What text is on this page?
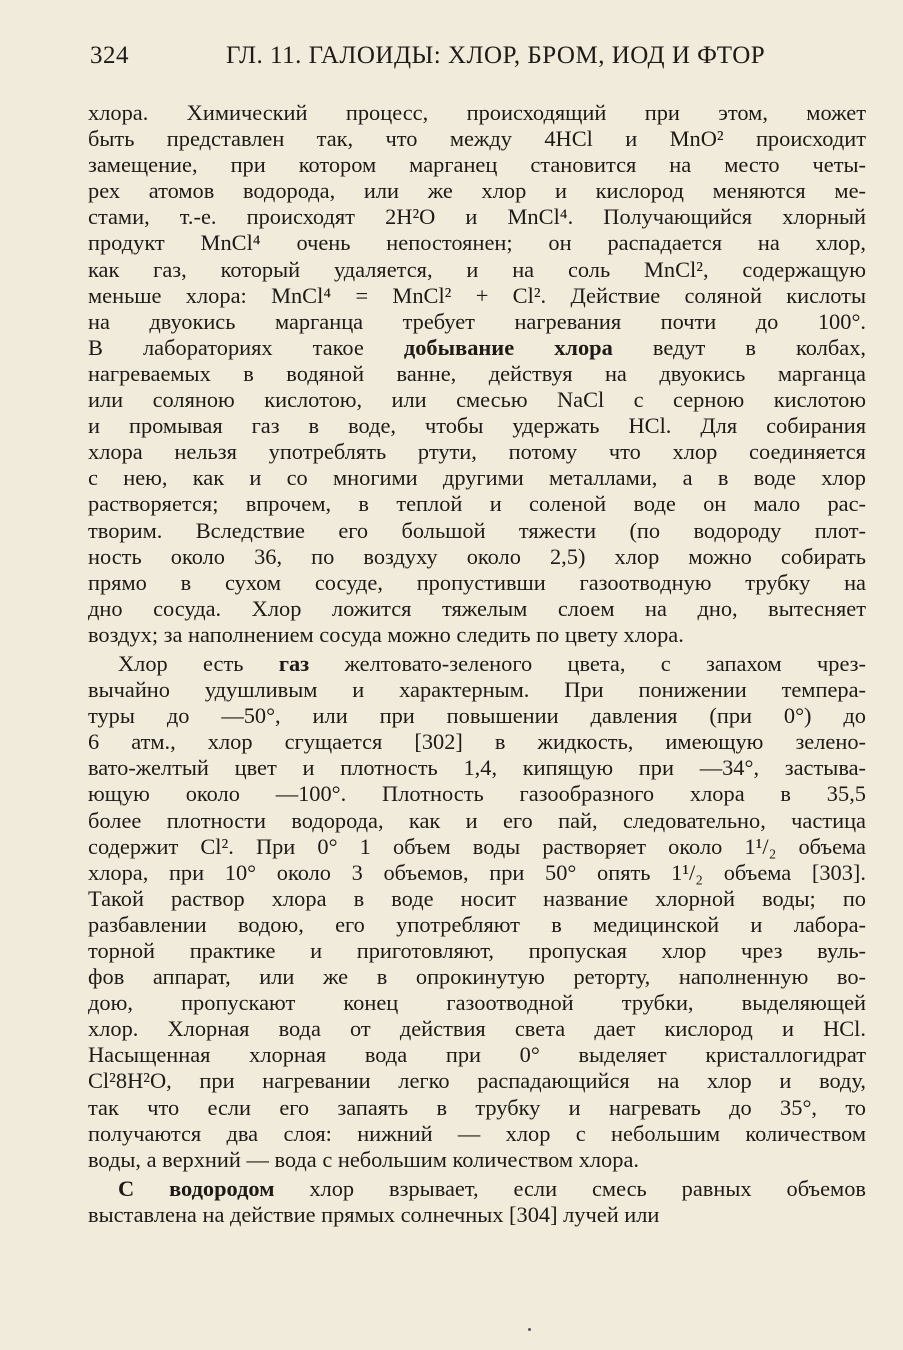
324	ГЛ. 11. ГАЛОИДЫ: ХЛОР, БРОМ, ИОД И ФТОР
хлора. Химический процесс, происходящий при этом, может
быть представлен так, что между 4HCl и MnO² происходит
замещение, при котором марганец становится на место четы-
рех атомов водорода, или же хлор и кислород меняются ме-
стами, т.-е. происходят 2H²O и MnCl⁴. Получающийся хлорный
продукт MnCl⁴ очень непостоянен; он распадается на хлор,
как газ, который удаляется, и на соль MnCl², содержащую
меньше хлора: MnCl⁴ = MnCl² + Cl². Действие соляной кислоты
на двуокись марганца требует нагревания почти до 100°.
В лабораториях такое добывание хлора ведут в колбах,
нагреваемых в водяной ванне, действуя на двуокись марганца
или соляною кислотою, или смесью NaCl с серною кислотою
и промывая газ в воде, чтобы удержать HCl. Для собирания
хлора нельзя употреблять ртути, потому что хлор соединяется
с нею, как и со многими другими металлами, а в воде хлор
растворяется; впрочем, в теплой и соленой воде он мало рас-
творим. Вследствие его большой тяжести (по водороду плот-
ность около 36, по воздуху около 2,5) хлор можно собирать
прямо в сухом сосуде, пропустивши газоотводную трубку на
дно сосуда. Хлор ложится тяжелым слоем на дно, вытесняет
воздух; за наполнением сосуда можно следить по цвету хлора.
Хлор есть газ желтовато-зеленого цвета, с запахом чрез-
вычайно удушливым и характерным. При понижении темпера-
туры до —50°, или при повышении давления (при 0°) до
6 атм., хлор сгущается [302] в жидкость, имеющую зелено-
вато-желтый цвет и плотность 1,4, кипящую при —34°, застыва-
ющую около —100°. Плотность газообразного хлора в 35,5
более плотности водорода, как и его пай, следовательно, частица
содержит Cl². При 0° 1 объем воды растворяет около 1¹/₂ объема
хлора, при 10° около 3 объемов, при 50° опять 1¹/₂ объема [303].
Такой раствор хлора в воде носит название хлорной воды; по
разбавлении водою, его употребляют в медицинской и лабора-
торной практике и приготовляют, пропуская хлор чрез вуль-
фов аппарат, или же в опрокинутую реторту, наполненную во-
дою, пропускают конец газоотводной трубки, выделяющей
хлор. Хлорная вода от действия света дает кислород и HCl.
Насыщенная хлорная вода при 0° выделяет кристаллогидрат
Cl²8H²O, при нагревании легко распадающийся на хлор и воду,
так что если его запаять в трубку и нагревать до 35°, то
получаются два слоя: нижний — хлор с небольшим количеством
воды, а верхний — вода с небольшим количеством хлора.
С водородом хлор взрывает, если смесь равных объемов
выставлена на действие прямых солнечных [304] лучей или
